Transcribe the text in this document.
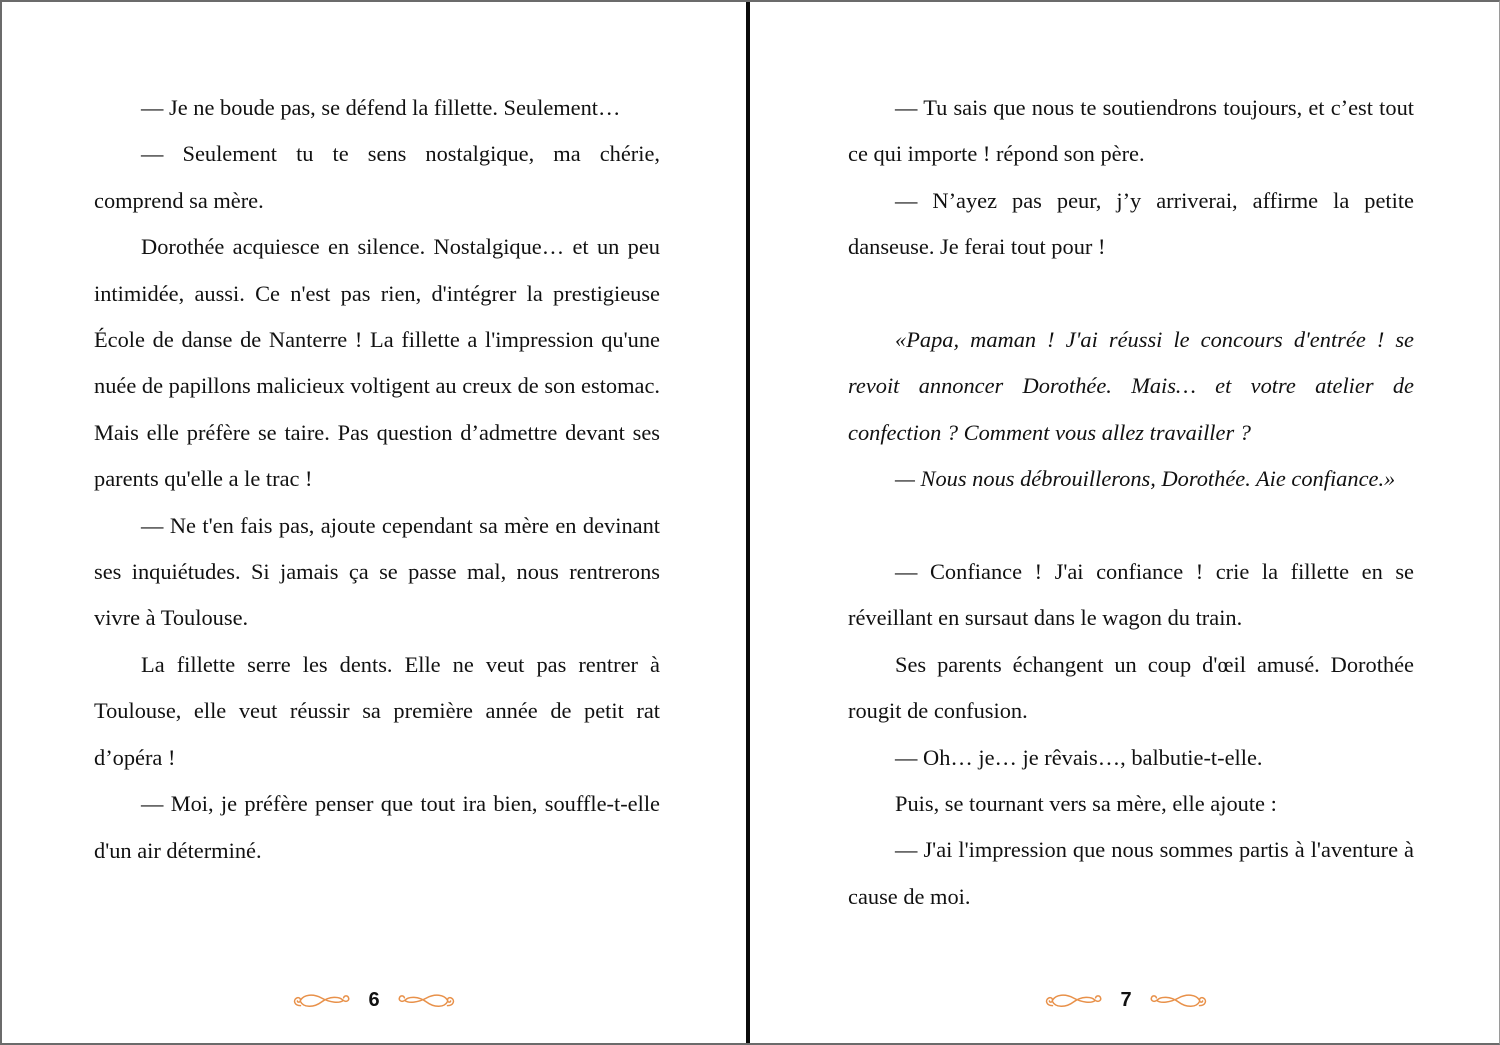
— Je ne boude pas, se défend la fillette. Seulement…

— Seulement tu te sens nostalgique, ma chérie, comprend sa mère.

Dorothée acquiesce en silence. Nostalgique… et un peu intimidée, aussi. Ce n'est pas rien, d'intégrer la prestigieuse École de danse de Nanterre ! La fillette a l'impression qu'une nuée de papillons malicieux voltigent au creux de son estomac. Mais elle préfère se taire. Pas question d’admettre devant ses parents qu'elle a le trac !

— Ne t'en fais pas, ajoute cependant sa mère en devinant ses inquiétudes. Si jamais ça se passe mal, nous rentrerons vivre à Toulouse.

La fillette serre les dents. Elle ne veut pas rentrer à Toulouse, elle veut réussir sa première année de petit rat d’opéra !

— Moi, je préfère penser que tout ira bien, souffle-t-elle d'un air déterminé.

6

— Tu sais que nous te soutiendrons toujours, et c’est tout ce qui importe ! répond son père.

— N’ayez pas peur, j’y arriverai, affirme la petite danseuse. Je ferai tout pour !

«Papa, maman ! J'ai réussi le concours d'entrée ! se revoit annoncer Dorothée. Mais… et votre atelier de confection ? Comment vous allez travailler ?

— Nous nous débrouillerons, Dorothée. Aie confiance.»

— Confiance ! J'ai confiance ! crie la fillette en se réveillant en sursaut dans le wagon du train.

Ses parents échangent un coup d'œil amusé. Dorothée rougit de confusion.

— Oh… je… je rêvais…, balbutie-t-elle.

Puis, se tournant vers sa mère, elle ajoute :

— J'ai l'impression que nous sommes partis à l'aventure à cause de moi.

7
